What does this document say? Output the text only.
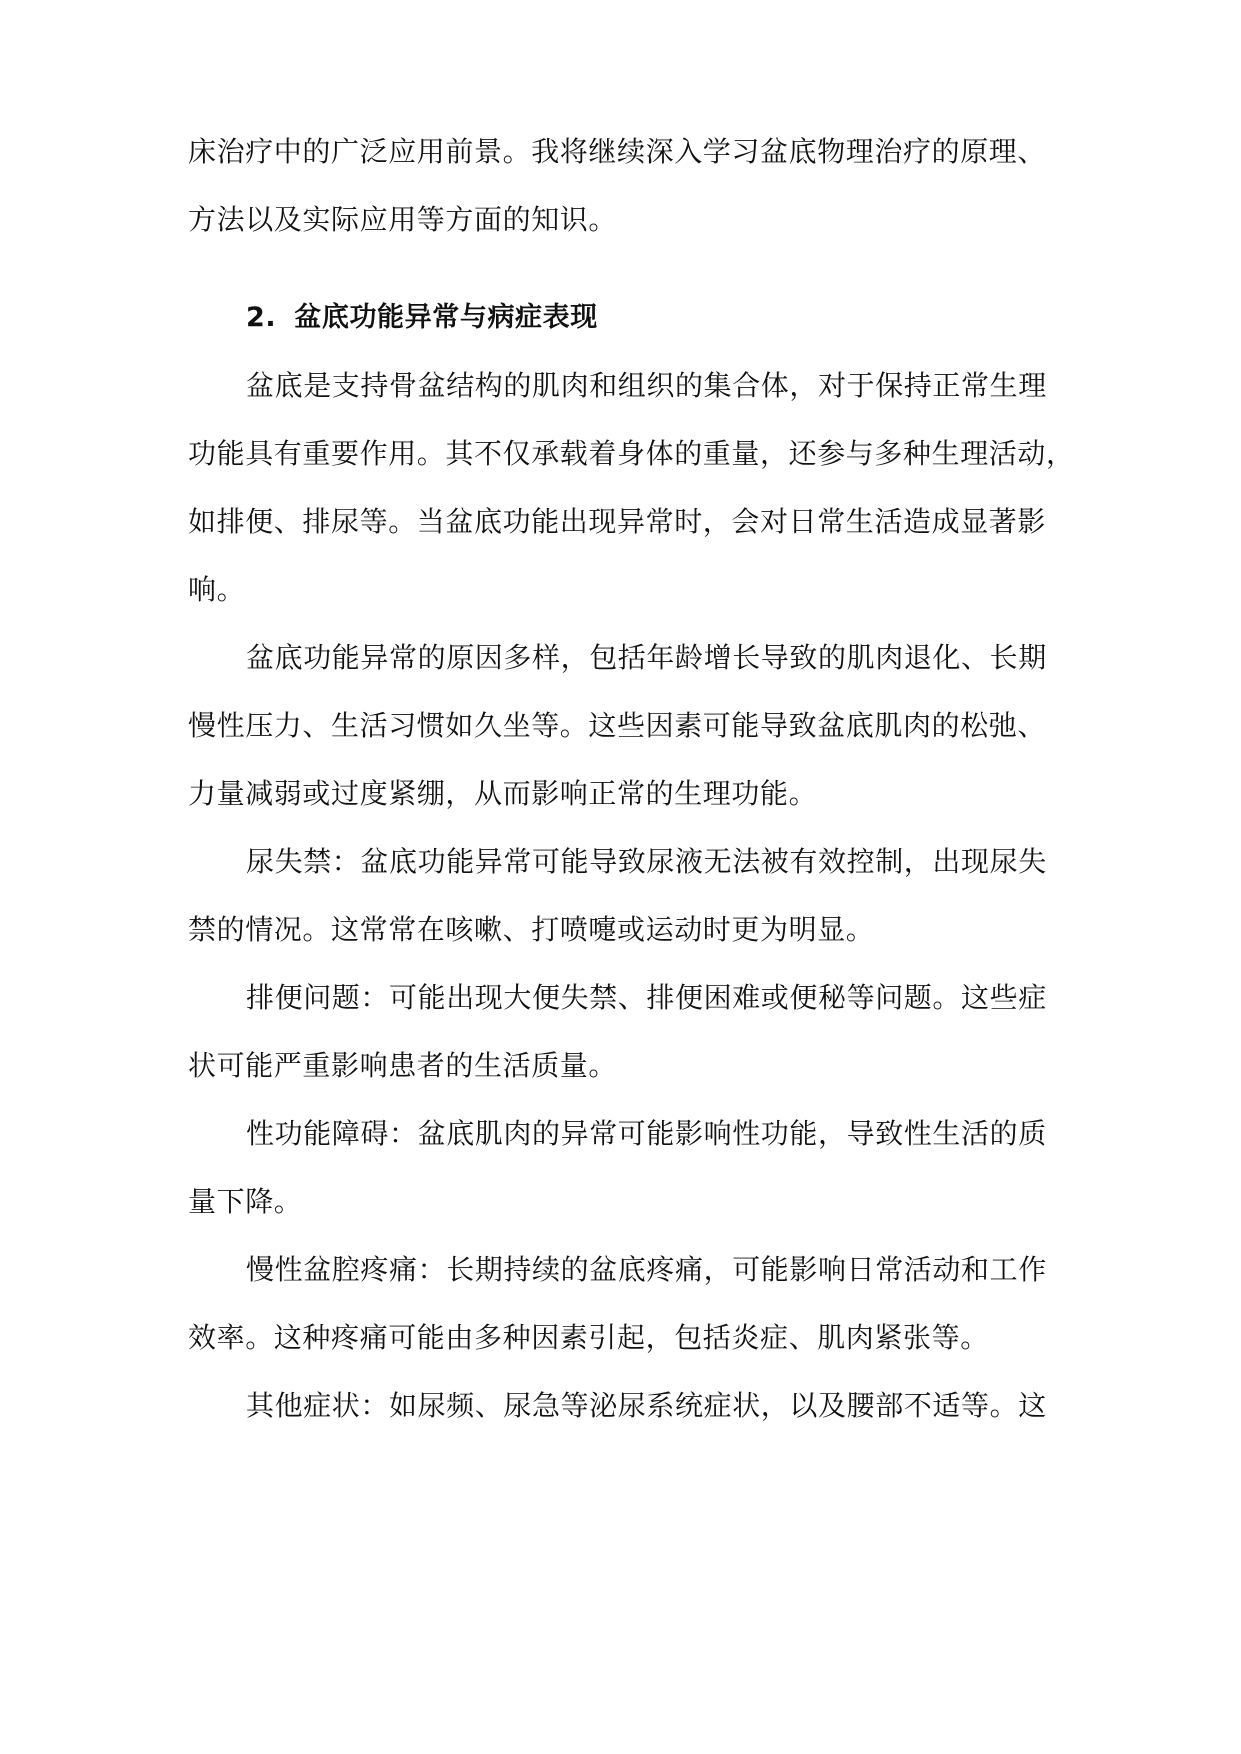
床治疗中的广泛应用前景。我将继续深入学习盆底物理治疗的原理、
方法以及实际应用等方面的知识。
2. 盆底功能异常与病症表现
盆底是支持骨盆结构的肌肉和组织的集合体，对于保持正常生理
功能具有重要作用。其不仅承载着身体的重量，还参与多种生理活动，
如排便、排尿等。当盆底功能出现异常时，会对日常生活造成显著影
响。
盆底功能异常的原因多样，包括年龄增长导致的肌肉退化、长期
慢性压力、生活习惯如久坐等。这些因素可能导致盆底肌肉的松弛、
力量减弱或过度紧绷，从而影响正常的生理功能。
尿失禁：盆底功能异常可能导致尿液无法被有效控制，出现尿失
禁的情况。这常常在咳嗽、打喷嚏或运动时更为明显。
排便问题：可能出现大便失禁、排便困难或便秘等问题。这些症
状可能严重影响患者的生活质量。
性功能障碍：盆底肌肉的异常可能影响性功能，导致性生活的质
量下降。
慢性盆腔疼痛：长期持续的盆底疼痛，可能影响日常活动和工作
效率。这种疼痛可能由多种因素引起，包括炎症、肌肉紧张等。
其他症状：如尿频、尿急等泌尿系统症状，以及腰部不适等。这
